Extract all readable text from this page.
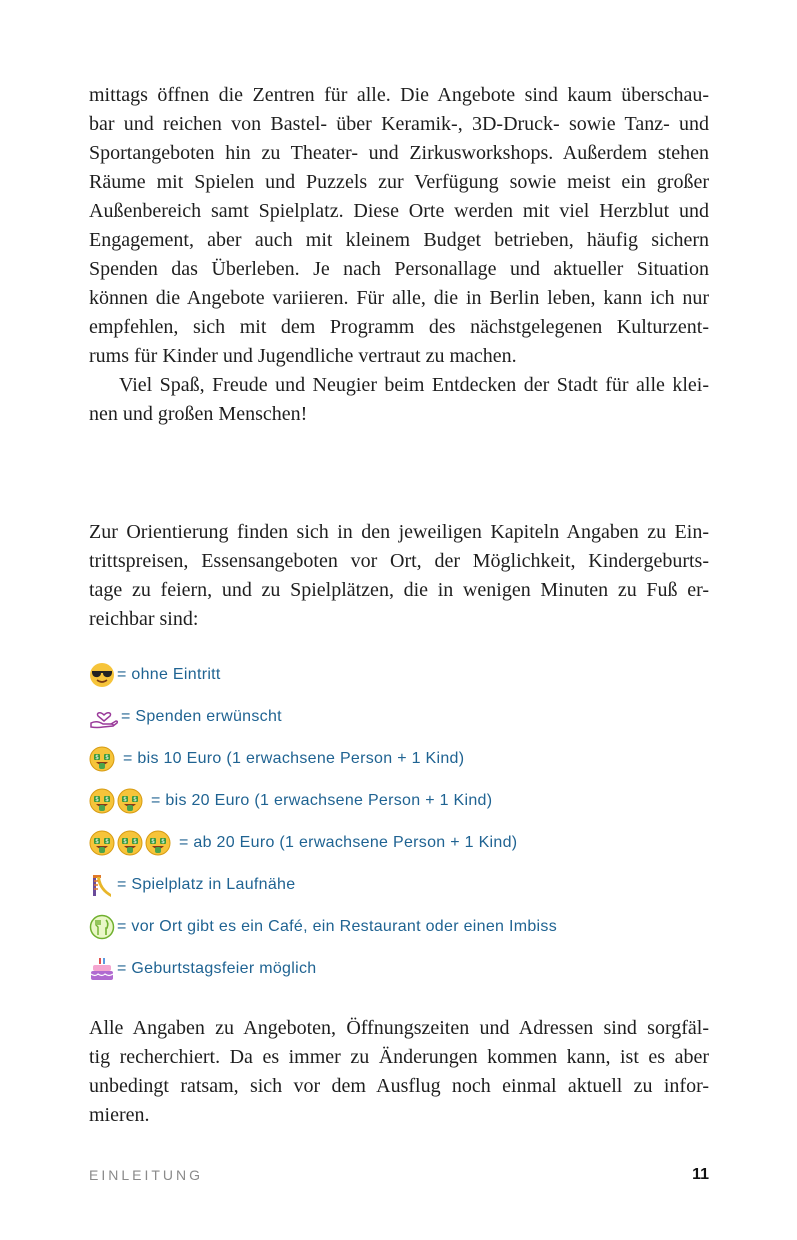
mittags öffnen die Zentren für alle. Die Angebote sind kaum überschau-
bar und reichen von Bastel- über Keramik-, 3D-Druck- sowie Tanz- und
Sportangeboten hin zu Theater- und Zirkusworkshops. Außerdem stehen
Räume mit Spielen und Puzzels zur Verfügung sowie meist ein großer
Außenbereich samt Spielplatz. Diese Orte werden mit viel Herzblut und
Engagement, aber auch mit kleinem Budget betrieben, häufig sichern
Spenden das Überleben. Je nach Personallage und aktueller Situation
können die Angebote variieren. Für alle, die in Berlin leben, kann ich nur
empfehlen, sich mit dem Programm des nächstgelegenen Kulturzent-
rums für Kinder und Jugendliche vertraut zu machen.
Viel Spaß, Freude und Neugier beim Entdecken der Stadt für alle klei-
nen und großen Menschen!
Zur Orientierung finden sich in den jeweiligen Kapiteln Angaben zu Ein-
trittspreisen, Essensangeboten vor Ort, der Möglichkeit, Kindergeburts-
tage zu feiern, und zu Spielplätzen, die in wenigen Minuten zu Fuß er-
reichbar sind:
= ohne Eintritt
= Spenden erwünscht
= bis 10 Euro (1 erwachsene Person + 1 Kind)
= bis 20 Euro (1 erwachsene Person + 1 Kind)
= ab 20 Euro (1 erwachsene Person + 1 Kind)
= Spielplatz in Laufnähe
= vor Ort gibt es ein Café, ein Restaurant oder einen Imbiss
= Geburtstagsfeier möglich
Alle Angaben zu Angeboten, Öffnungszeiten und Adressen sind sorgfäl-
tig recherchiert. Da es immer zu Änderungen kommen kann, ist es aber
unbedingt ratsam, sich vor dem Ausflug noch einmal aktuell zu infor-
mieren.
EINLEITUNG	11
